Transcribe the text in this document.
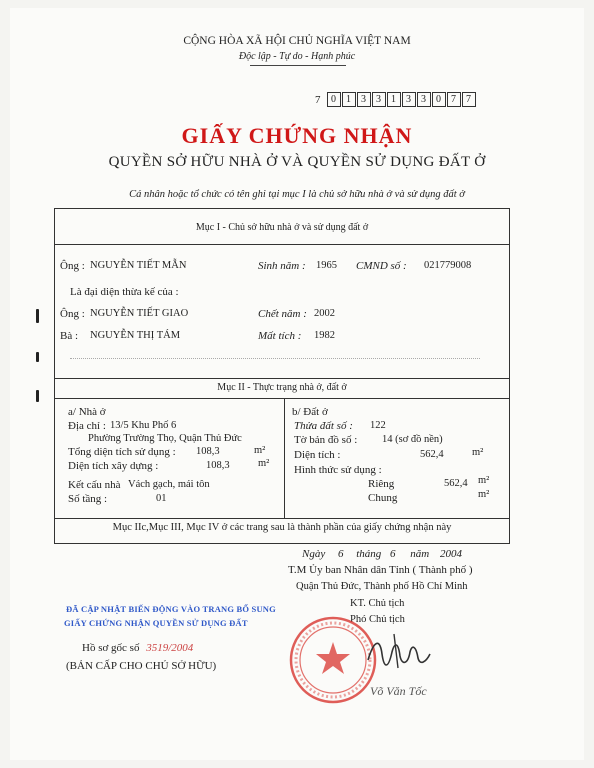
CỘNG HÒA XÃ HỘI CHỦ NGHĨA VIỆT NAM
Độc lập - Tự do - Hạnh phúc
7	0	1	3	3	1	3	3	0	7	7
GIẤY CHỨNG NHẬN
QUYỀN SỞ HỮU NHÀ Ở VÀ QUYỀN SỬ DỤNG ĐẤT Ở
Cá nhân hoặc tổ chức có tên ghi tại mục I là chủ sở hữu nhà ở và sử dụng đất ở
Mục I - Chủ sở hữu nhà ở và sử dụng đất ở
Ông : NGUYỄN TIẾT MẪN	Sinh năm : 1965 CMND số : 021779008
Là đại diện thừa kế của :
Ông : NGUYỄN TIẾT GIAO	Chết năm : 2002
Bà : NGUYỄN THỊ TÁM	Mất tích : 1982
Mục II - Thực trạng nhà ở, đất ở
a/ Nhà ở
Địa chỉ : 13/5 Khu Phố 6
Phường Trường Thọ, Quận Thủ Đức
Tổng diện tích sử dụng : 108,3	m²
Diện tích xây dựng :	108,3	m²
Kết cấu nhà Vách gạch, mái tôn
Số tầng :	01
b/ Đất ở
Thửa đất số : 122
Tờ bản đồ số : 14 (sơ đồ nền)
Diện tích :	562,4	m²
Hình thức sử dụng :
Riêng	562,4 m²
Chung	m²
Mục IIc,Mục III, Mục IV ở các trang sau là thành phần của giấy chứng nhận này
Ngày 6 tháng 6 năm 2004
T.M Ủy ban Nhân dân Tỉnh ( Thành phố )
Quận Thủ Đức, Thành phố Hồ Chí Minh
KT. Chủ tịch
Phó Chủ tịch
Võ Văn Tốc
ĐÃ CẬP NHẬT BIẾN ĐỘNG VÀO TRANG BỔ SUNG
GIẤY CHỨNG NHẬN QUYỀN SỬ DỤNG ĐẤT
Hồ sơ gốc số 3519/2004
(BẢN CẤP CHO CHỦ SỞ HỮU)
